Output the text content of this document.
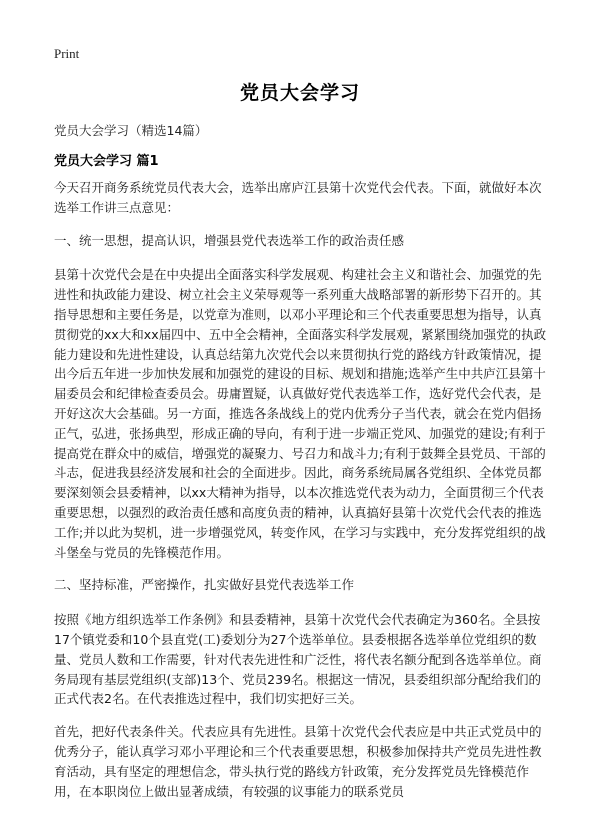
Print
党员大会学习
党员大会学习（精选14篇）
党员大会学习 篇1

今天召开商务系统党员代表大会，选举出席庐江县第十次党代会代表。下面，就做好本次选举工作讲三点意见：

一、统一思想，提高认识，增强县党代表选举工作的政治责任感

县第十次党代会是在中央提出全面落实科学发展观、构建社会主义和谐社会、加强党的先进性和执政能力建设、树立社会主义荣辱观等一系列重大战略部署的新形势下召开的。其指导思想和主要任务是，以党章为准则，以邓小平理论和三个代表重要思想为指导，认真贯彻党的xx大和xx届四中、五中全会精神，全面落实科学发展观，紧紧围绕加强党的执政能力建设和先进性建设，认真总结第九次党代会以来贯彻执行党的路线方针政策情况，提出今后五年进一步加快发展和加强党的建设的目标、规划和措施;选举产生中共庐江县第十届委员会和纪律检查委员会。毋庸置疑，认真做好党代表选举工作，选好党代会代表，是开好这次大会基础。另一方面，推选各条战线上的党内优秀分子当代表，就会在党内倡扬正气，弘进，张扬典型，形成正确的导向，有利于进一步端正党风、加强党的建设;有利于提高党在群众中的威信，增强党的凝聚力、号召力和战斗力;有利于鼓舞全县党员、干部的斗志，促进我县经济发展和社会的全面进步。因此，商务系统局属各党组织、全体党员都要深刻领会县委精神，以xx大精神为指导，以本次推选党代表为动力，全面贯彻三个代表重要思想，以强烈的政治责任感和高度负责的精神，认真搞好县第十次党代会代表的推选工作;并以此为契机，进一步增强党风，转变作风，在学习与实践中，充分发挥党组织的战斗堡垒与党员的先锋模范作用。

二、坚持标准，严密操作，扎实做好县党代表选举工作

按照《地方组织选举工作条例》和县委精神，县第十次党代会代表确定为360名。全县按17个镇党委和10个县直党(工)委划分为27个选举单位。县委根据各选举单位党组织的数量、党员人数和工作需要，针对代表先进性和广泛性，将代表名额分配到各选举单位。商务局现有基层党组织(支部)13个、党员239名。根据这一情况，县委组织部分配给我们的正式代表2名。在代表推选过程中，我们切实把好三关。

首先，把好代表条件关。代表应具有先进性。县第十次党代会代表应是中共正式党员中的优秀分子，能认真学习邓小平理论和三个代表重要思想，积极参加保持共产党员先进性教育活动，具有坚定的理想信念，带头执行党的路线方针政策，充分发挥党员先锋模范作用，在本职岗位上做出显著成绩，有较强的议事能力的联系党员
